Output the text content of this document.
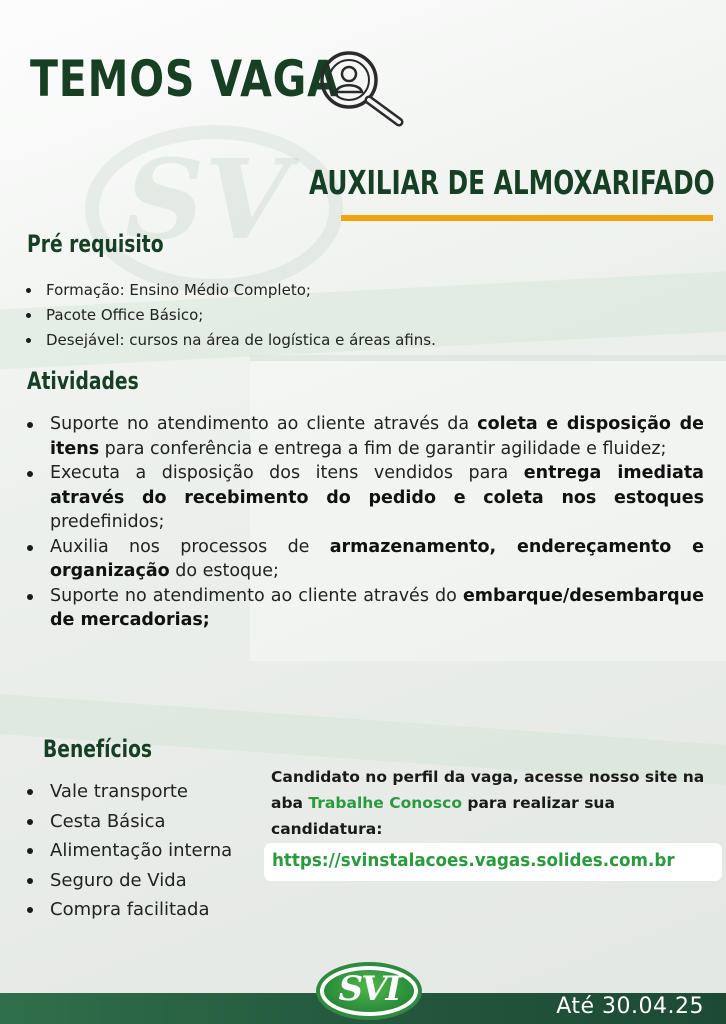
SV
TEMOS VAGA
AUXILIAR DE ALMOXARIFADO
Pré requisito
Formação: Ensino Médio Completo;
Pacote Office Básico;
Desejável: cursos na área de logística e áreas afins.
Atividades
Suporte no atendimento ao cliente através da coleta e disposição de itens para conferência e entrega a fim de garantir agilidade e fluidez;
Executa a disposição dos itens vendidos para entrega imediata através do recebimento do pedido e coleta nos estoques predefinidos;
Auxilia nos processos de armazenamento, endereçamento e organização do estoque;
Suporte no atendimento ao cliente através do embarque/desembarque de mercadorias;
Benefícios
Vale transporte
Cesta Básica
Alimentação interna
Seguro de Vida
Compra facilitada

Candidato no perfil da vaga, acesse nosso site na aba Trabalhe Conosco para realizar sua candidatura:

https://svinstalacoes.vagas.solides.com.br

Até 30.04.25

SVI
